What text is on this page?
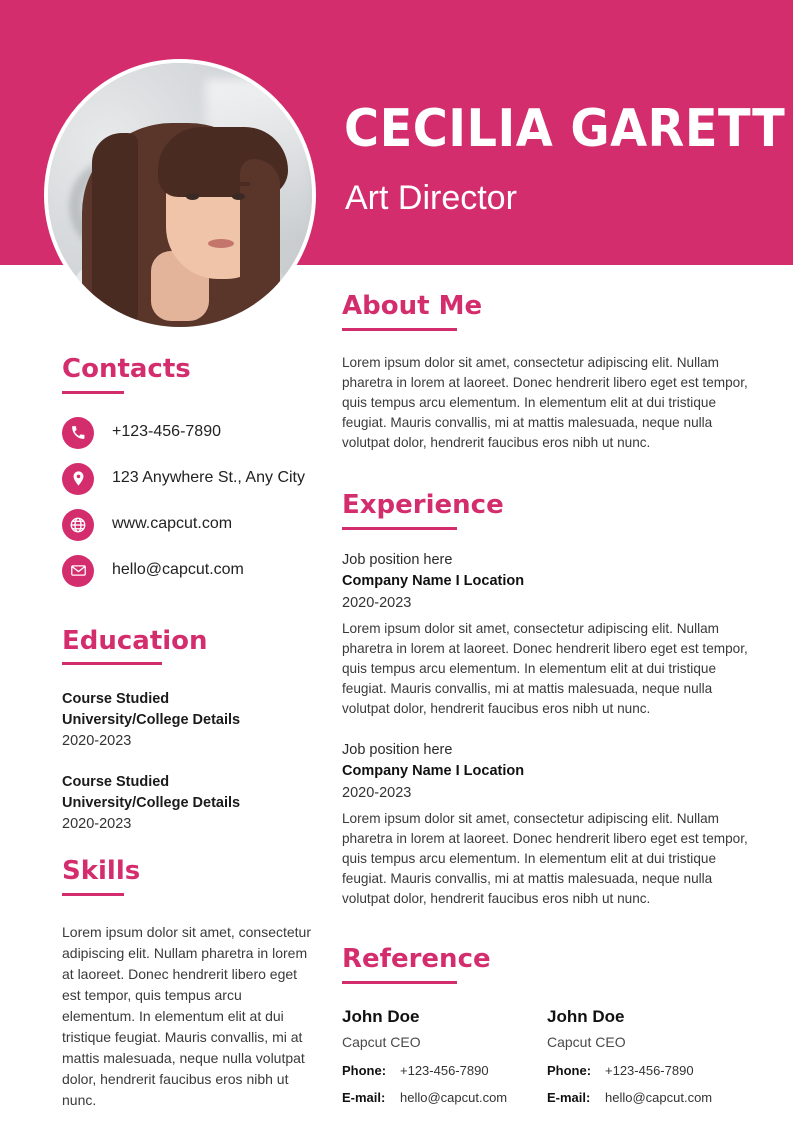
CECILIA GARETT
Art Director
Contacts
+123-456-7890
123 Anywhere St., Any City
www.capcut.com
hello@capcut.com
Education
Course Studied
University/College Details
2020-2023
Course Studied
University/College Details
2020-2023
Skills
Lorem ipsum dolor sit amet, consectetur adipiscing elit. Nullam pharetra in lorem at laoreet. Donec hendrerit libero eget est tempor, quis tempus arcu elementum. In elementum elit at dui tristique feugiat. Mauris convallis, mi at mattis malesuada, neque nulla volutpat dolor, hendrerit faucibus eros nibh ut nunc.
About Me
Lorem ipsum dolor sit amet, consectetur adipiscing elit. Nullam pharetra in lorem at laoreet. Donec hendrerit libero eget est tempor, quis tempus arcu elementum. In elementum elit at dui tristique feugiat. Mauris convallis, mi at mattis malesuada, neque nulla volutpat dolor, hendrerit faucibus eros nibh ut nunc.
Experience
Job position here
Company Name I Location
2020-2023
Lorem ipsum dolor sit amet, consectetur adipiscing elit. Nullam pharetra in lorem at laoreet. Donec hendrerit libero eget est tempor, quis tempus arcu elementum. In elementum elit at dui tristique feugiat. Mauris convallis, mi at mattis malesuada, neque nulla volutpat dolor, hendrerit faucibus eros nibh ut nunc.
Job position here
Company Name I Location
2020-2023
Lorem ipsum dolor sit amet, consectetur adipiscing elit. Nullam pharetra in lorem at laoreet. Donec hendrerit libero eget est tempor, quis tempus arcu elementum. In elementum elit at dui tristique feugiat. Mauris convallis, mi at mattis malesuada, neque nulla volutpat dolor, hendrerit faucibus eros nibh ut nunc.
Reference
John Doe
Capcut CEO
Phone:	+123-456-7890
E-mail:	hello@capcut.com
John Doe
Capcut CEO
Phone:	+123-456-7890
E-mail:	hello@capcut.com
